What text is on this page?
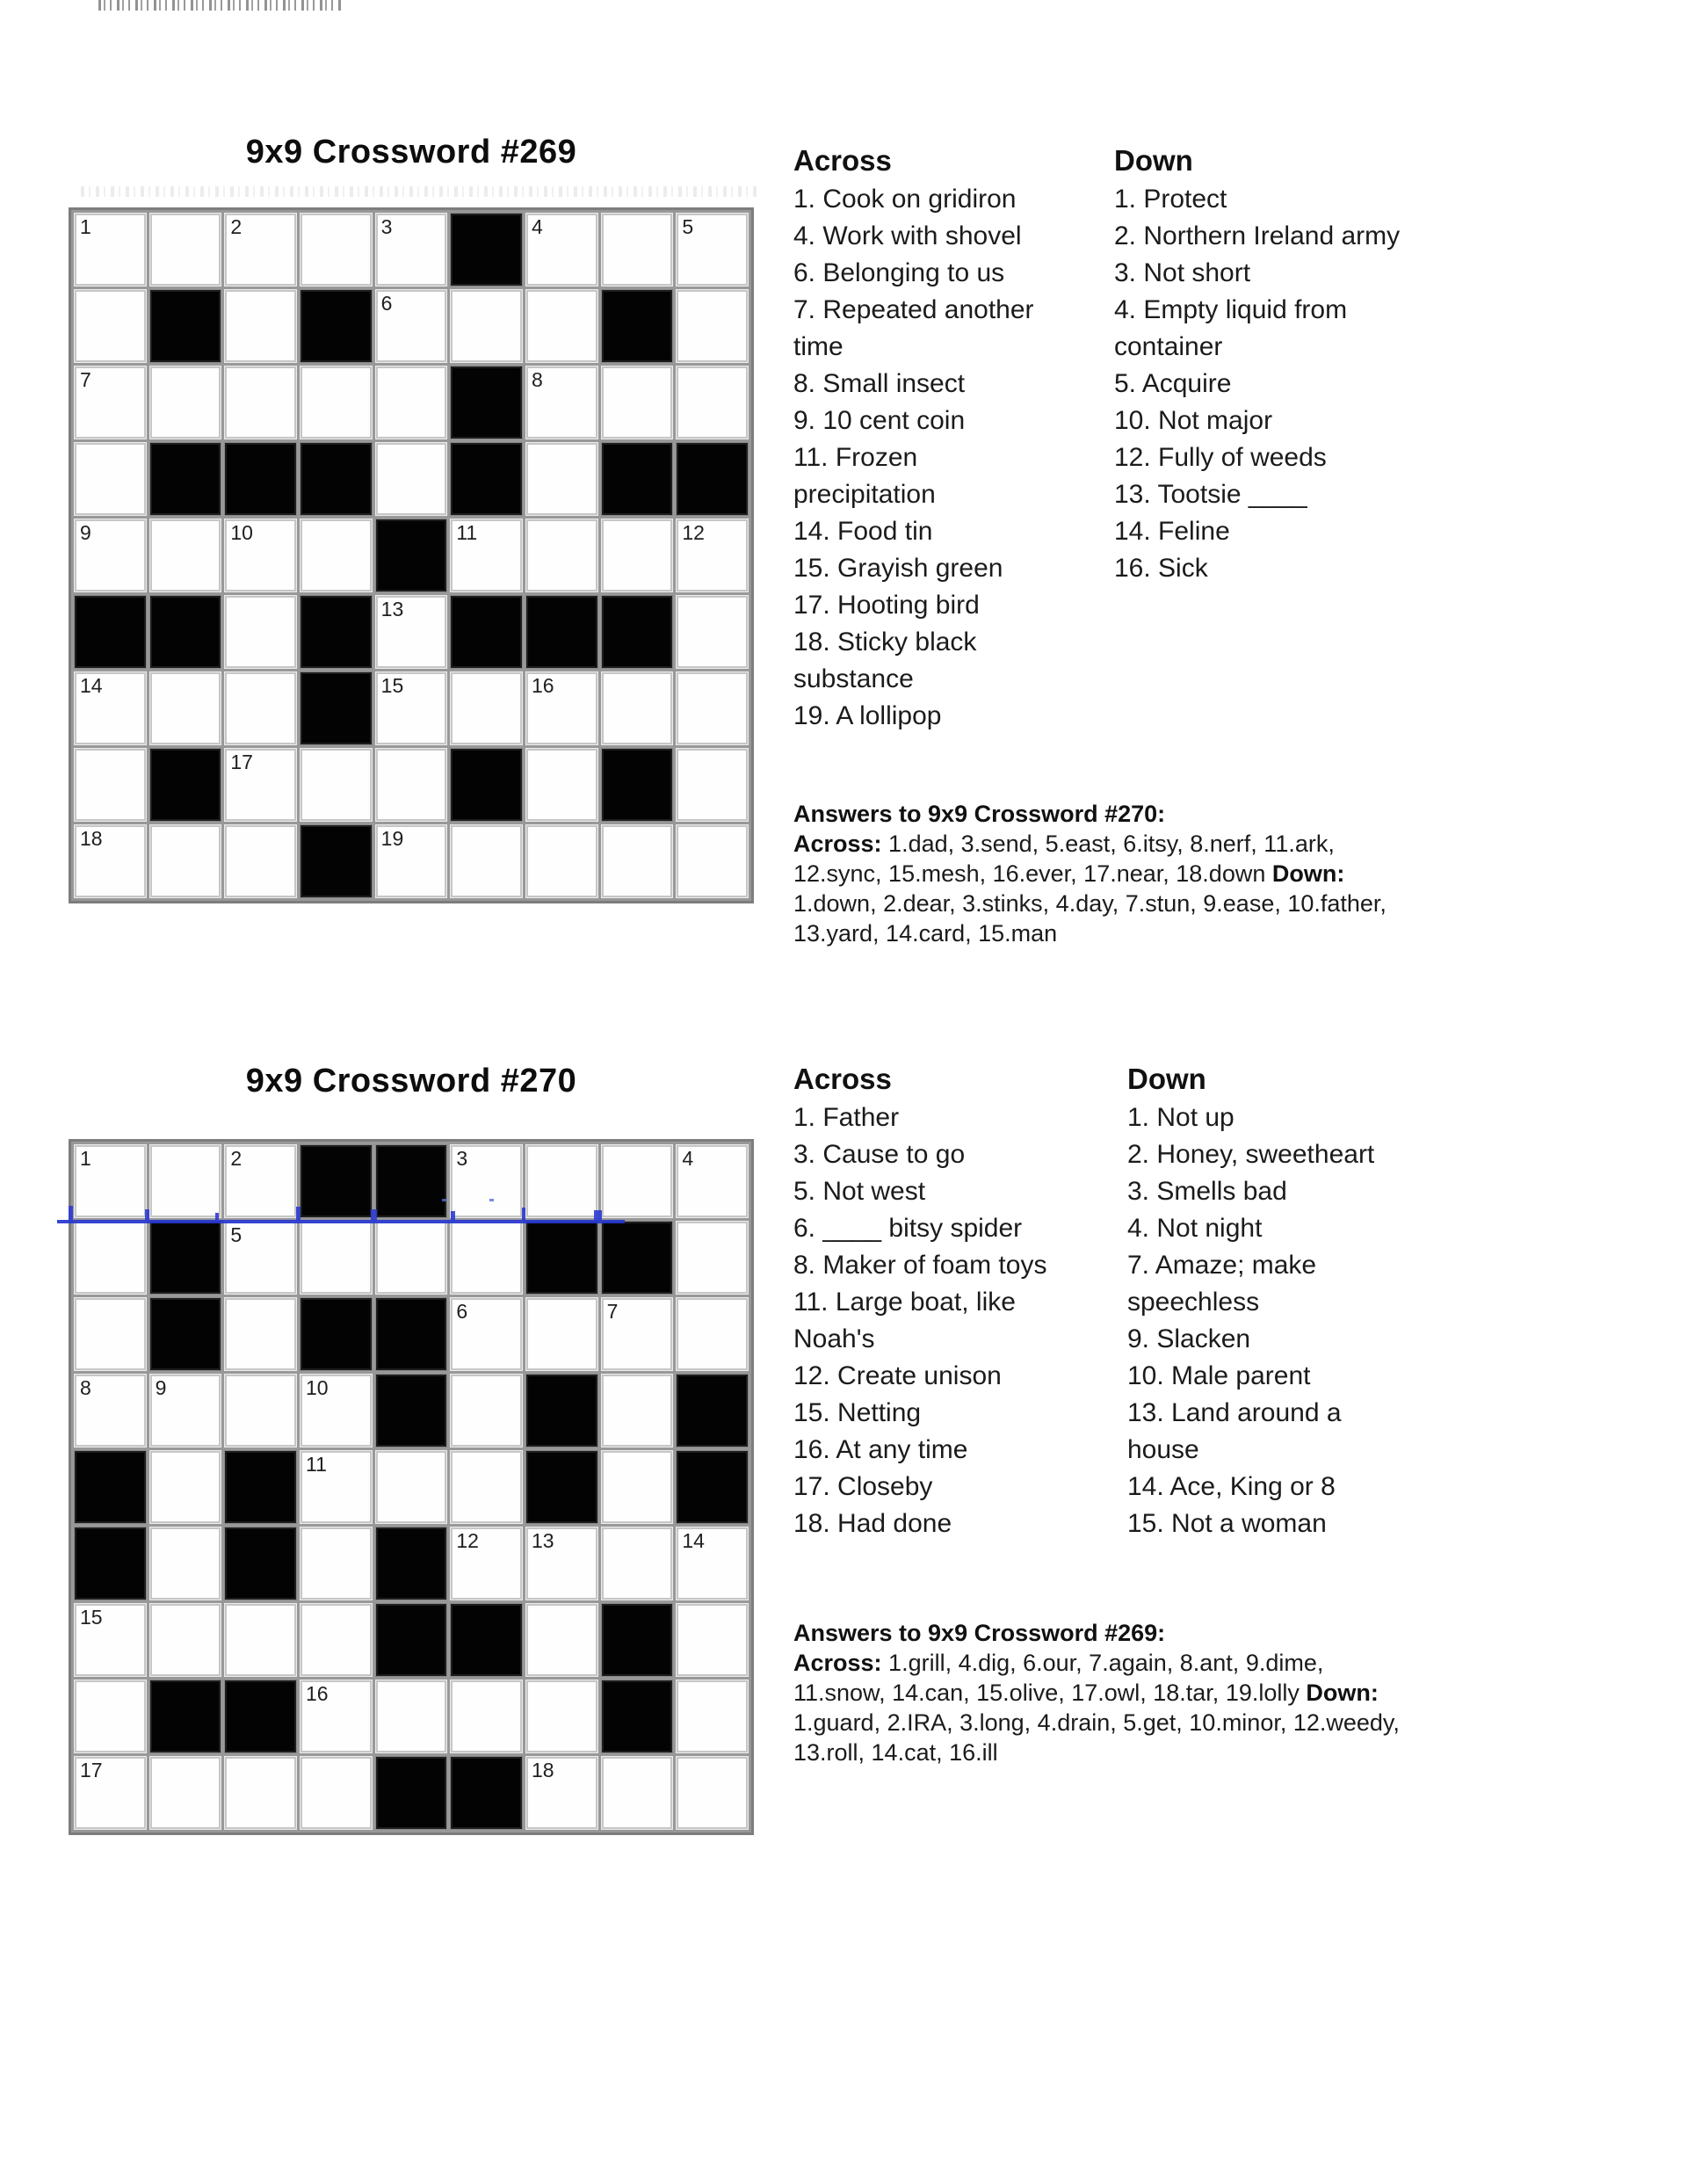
9x9 Crossword #269
1	2	3	4	5
6
7	8
9	10	11	12
13
14	15	16
17
18	19
Across
1. Cook on gridiron
4. Work with shovel
6. Belonging to us
7. Repeated another
time
8. Small insect
9. 10 cent coin
11. Frozen
precipitation
14. Food tin
15. Grayish green
17. Hooting bird
18. Sticky black
substance
19. A lollipop
Down
1. Protect
2. Northern Ireland army
3. Not short
4. Empty liquid from
container
5. Acquire
10. Not major
12. Fully of weeds
13. Tootsie ____
14. Feline
16. Sick
Answers to 9x9 Crossword #270:
Across: 1.dad, 3.send, 5.east, 6.itsy, 8.nerf, 11.ark,
12.sync, 15.mesh, 16.ever, 17.near, 18.down Down:
1.down, 2.dear, 3.stinks, 4.day, 7.stun, 9.ease, 10.father,
13.yard, 14.card, 15.man
9x9 Crossword #270
1	2	3	4
5
6	7
8	9	10
11
12	13	14
15
16
17	18
Across
1. Father
3. Cause to go
5. Not west
6. ____ bitsy spider
8. Maker of foam toys
11. Large boat, like
Noah's
12. Create unison
15. Netting
16. At any time
17. Closeby
18. Had done
Down
1. Not up
2. Honey, sweetheart
3. Smells bad
4. Not night
7. Amaze; make
speechless
9. Slacken
10. Male parent
13. Land around a
house
14. Ace, King or 8
15. Not a woman
Answers to 9x9 Crossword #269:
Across: 1.grill, 4.dig, 6.our, 7.again, 8.ant, 9.dime,
11.snow, 14.can, 15.olive, 17.owl, 18.tar, 19.lolly Down:
1.guard, 2.IRA, 3.long, 4.drain, 5.get, 10.minor, 12.weedy,
13.roll, 14.cat, 16.ill
